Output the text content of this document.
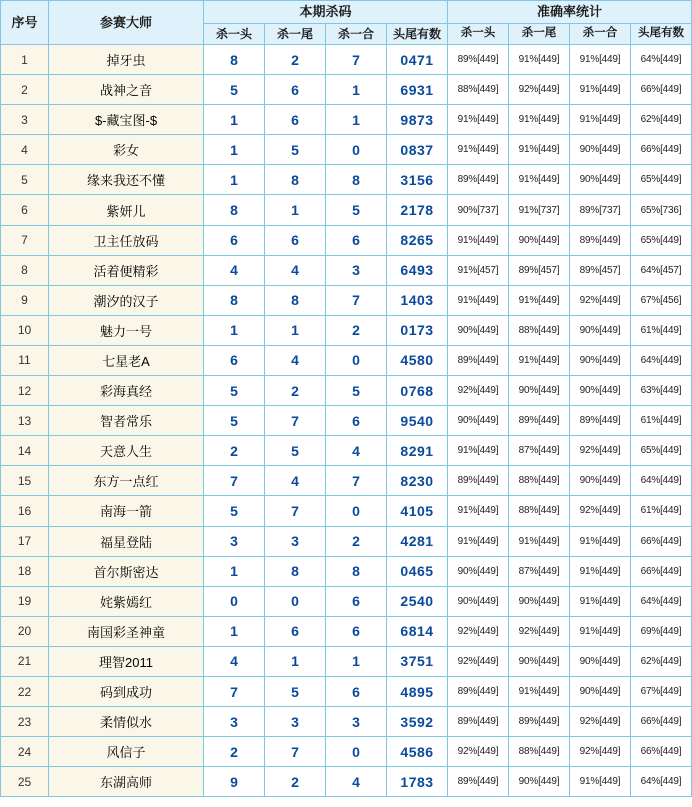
序号	参赛大师	本期杀码				准确率统计			
		杀一头	杀一尾	杀一合	头尾有数	杀一头	杀一尾	杀一合	头尾有数
1	掉牙虫	8	2	7	0471	89%[449]	91%[449]	91%[449]	64%[449]
2	战神之音	5	6	1	6931	88%[449]	92%[449]	91%[449]	66%[449]
3	$-藏宝图-$	1	6	1	9873	91%[449]	91%[449]	91%[449]	62%[449]
4	彩女	1	5	0	0837	91%[449]	91%[449]	90%[449]	66%[449]
5	缘来我还不懂	1	8	8	3156	89%[449]	91%[449]	90%[449]	65%[449]
6	紫妍儿	8	1	5	2178	90%[737]	91%[737]	89%[737]	65%[736]
7	卫主任放码	6	6	6	8265	91%[449]	90%[449]	89%[449]	65%[449]
8	活着便精彩	4	4	3	6493	91%[457]	89%[457]	89%[457]	64%[457]
9	潮汐的汉子	8	8	7	1403	91%[449]	91%[449]	92%[449]	67%[456]
10	魅力一号	1	1	2	0173	90%[449]	88%[449]	90%[449]	61%[449]
11	七星老A	6	4	0	4580	89%[449]	91%[449]	90%[449]	64%[449]
12	彩海真经	5	2	5	0768	92%[449]	90%[449]	90%[449]	63%[449]
13	智者常乐	5	7	6	9540	90%[449]	89%[449]	89%[449]	61%[449]
14	天意人生	2	5	4	8291	91%[449]	87%[449]	92%[449]	65%[449]
15	东方一点红	7	4	7	8230	89%[449]	88%[449]	90%[449]	64%[449]
16	南海一箭	5	7	0	4105	91%[449]	88%[449]	92%[449]	61%[449]
17	福星登陆	3	3	2	4281	91%[449]	91%[449]	91%[449]	66%[449]
18	首尔斯密达	1	8	8	0465	90%[449]	87%[449]	91%[449]	66%[449]
19	姹紫嫣红	0	0	6	2540	90%[449]	90%[449]	91%[449]	64%[449]
20	南国彩圣神童	1	6	6	6814	92%[449]	92%[449]	91%[449]	69%[449]
21	理智2011	4	1	1	3751	92%[449]	90%[449]	90%[449]	62%[449]
22	码到成功	7	5	6	4895	89%[449]	91%[449]	90%[449]	67%[449]
23	柔情似水	3	3	3	3592	89%[449]	89%[449]	92%[449]	66%[449]
24	风信子	2	7	0	4586	92%[449]	88%[449]	92%[449]	66%[449]
25	东湖高师	9	2	4	1783	89%[449]	90%[449]	91%[449]	64%[449]
